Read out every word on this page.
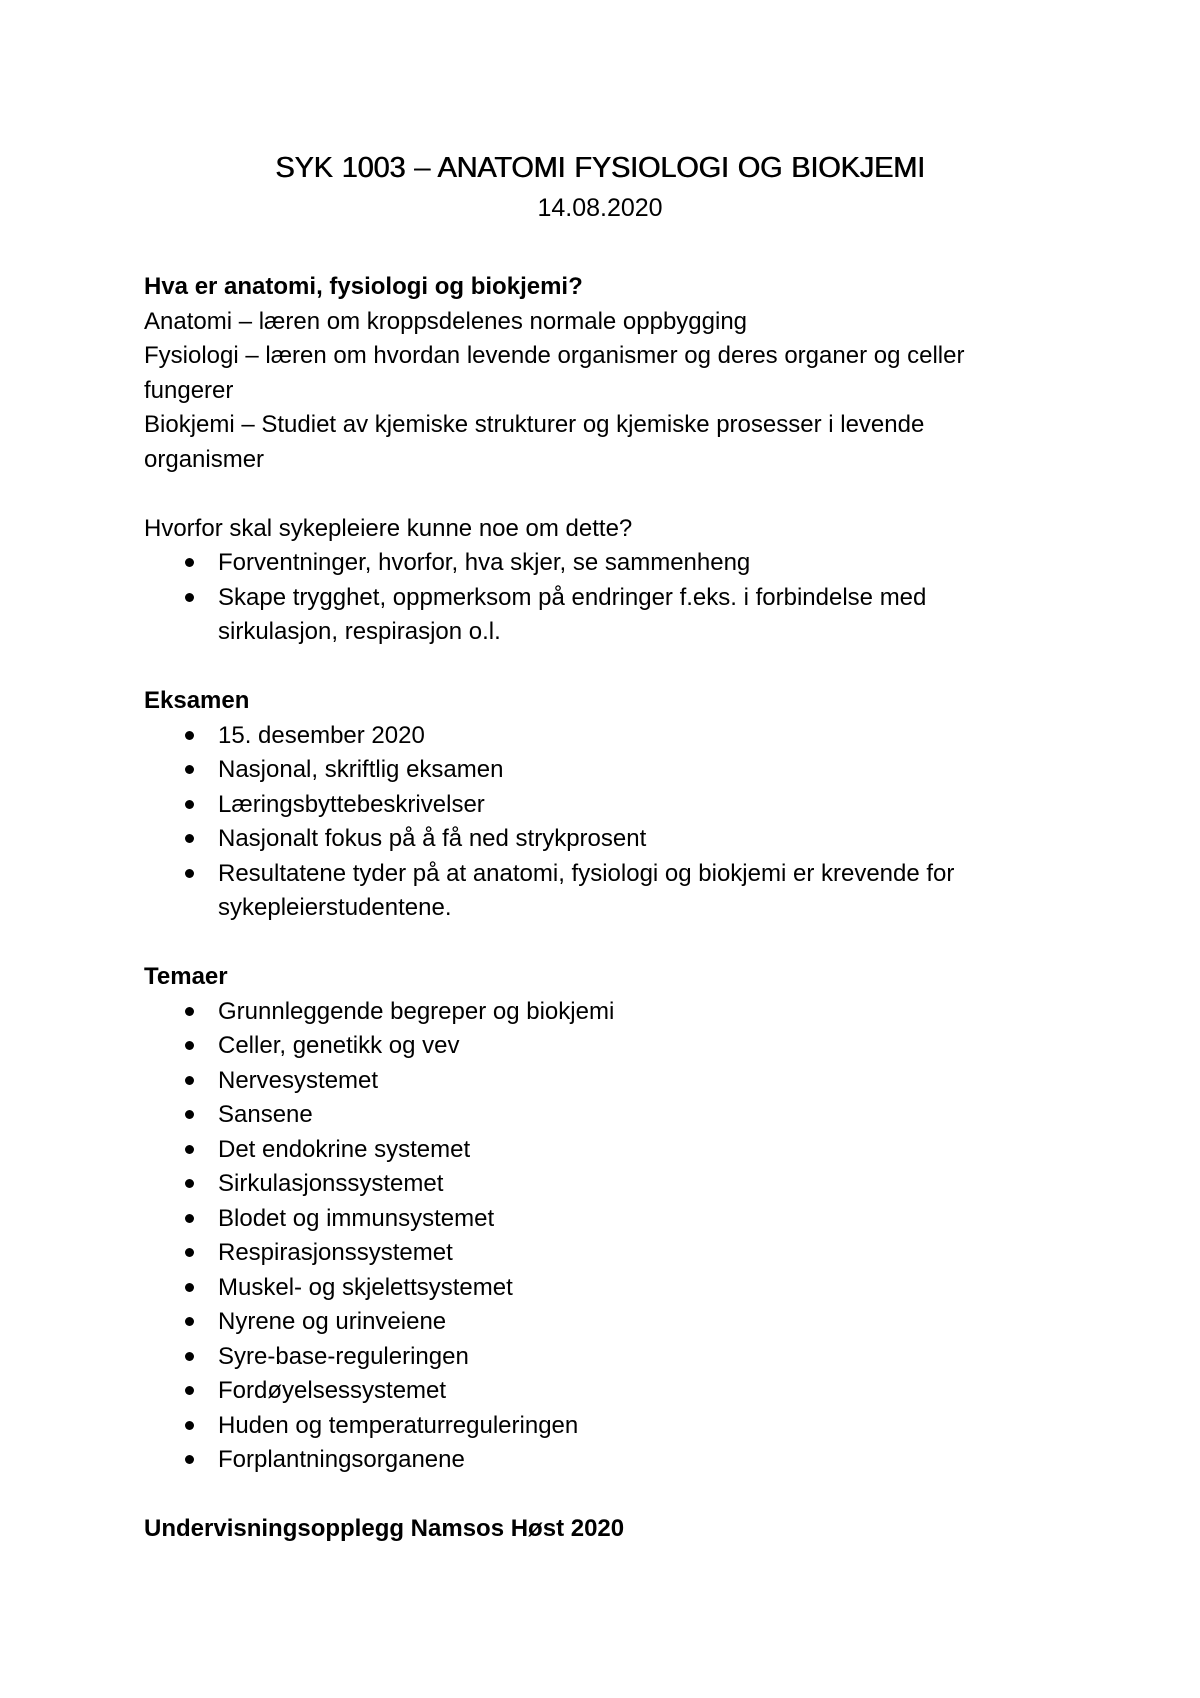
SYK 1003 – ANATOMI FYSIOLOGI OG BIOKJEMI
14.08.2020

Hva er anatomi, fysiologi og biokjemi?

Anatomi – læren om kroppsdelenes normale oppbygging

Fysiologi – læren om hvordan levende organismer og deres organer og celler

fungerer

Biokjemi – Studiet av kjemiske strukturer og kjemiske prosesser i levende

organismer

Hvorfor skal sykepleiere kunne noe om dette?

Forventninger, hvorfor, hva skjer, se sammenheng
Skape trygghet, oppmerksom på endringer f.eks. i forbindelse med
sirkulasjon, respirasjon o.l.

Eksamen

15. desember 2020
Nasjonal, skriftlig eksamen
Læringsbyttebeskrivelser
Nasjonalt fokus på å få ned strykprosent
Resultatene tyder på at anatomi, fysiologi og biokjemi er krevende for
sykepleierstudentene.

Temaer

Grunnleggende begreper og biokjemi
Celler, genetikk og vev
Nervesystemet
Sansene
Det endokrine systemet
Sirkulasjonssystemet
Blodet og immunsystemet
Respirasjonssystemet
Muskel- og skjelettsystemet
Nyrene og urinveiene
Syre-base-reguleringen
Fordøyelsessystemet
Huden og temperaturreguleringen
Forplantningsorganene

Undervisningsopplegg Namsos Høst 2020
